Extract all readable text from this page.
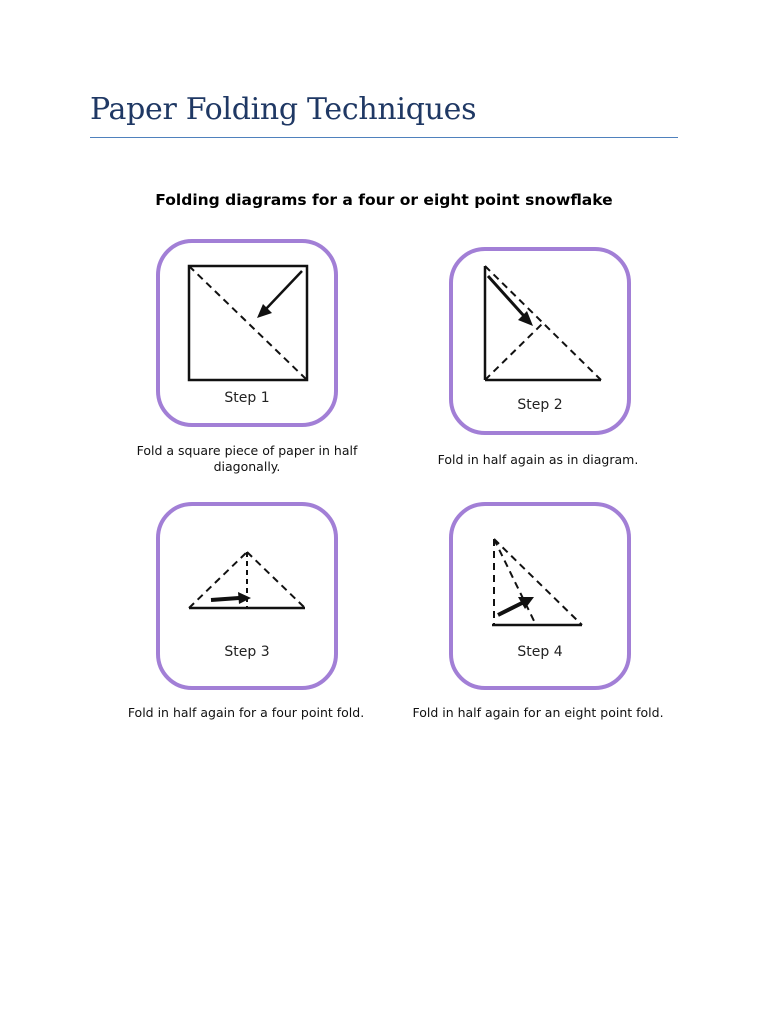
Paper Folding Techniques
Folding diagrams for a four or eight point snowflake
Step 1
Fold a square piece of paper in half diagonally.
Step 2
Fold in half again as in diagram.
Step 3
Fold in half again for a four point fold.
Step 4
Fold in half again for an eight point fold.
